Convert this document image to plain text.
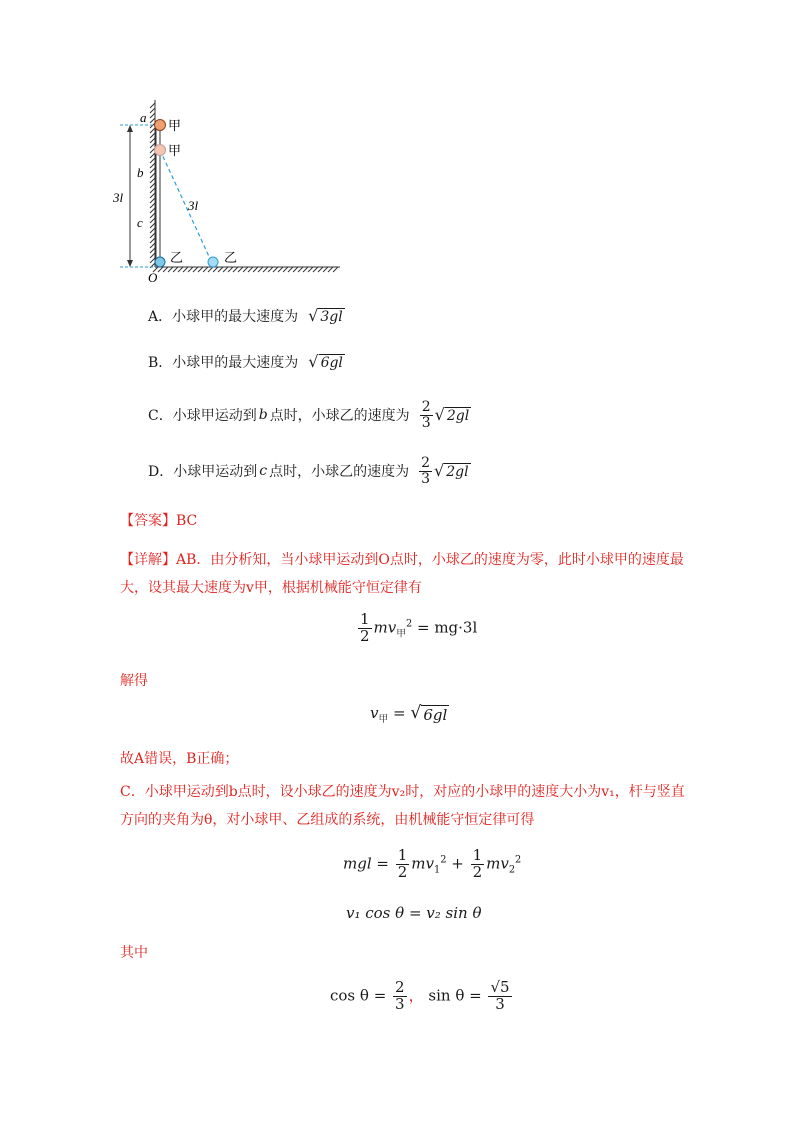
a
甲
甲
b
3l
c
3l
乙	乙
O
A．小球甲的最大速度为 √ 3gl
B．小球甲的最大速度为 √ 6gl
C．小球甲运动到 b 点时，小球乙的速度为 $\frac{2}{3}$ √ 2gl
D．小球甲运动到 c 点时，小球乙的速度为 $\frac{2}{3}$ √ 2gl
【答案】BC
【详解】AB．由分析知，当小球甲运动到O点时，小球乙的速度为零，此时小球甲的速度最大，设其最大速度为v甲，根据机械能守恒定律有
$\frac{1}{2} mv_甲^2 = mg\cdot 3l$
解得
$v_甲$ = √ 6gl
故A错误，B正确；
C．小球甲运动到b点时，设小球乙的速度为v₂时，对应的小球甲的速度大小为v₁，杆与竖直方向的夹角为θ，对小球甲、乙组成的系统，由机械能守恒定律可得
mgl = $\frac{1}{2} mv_1^2 + \frac{1}{2} mv_2^2$
v₁ cos θ = v₂ sin θ
其中
$\cos \theta = \frac{2}{3}$ ， $\sin \theta = \frac{√5}{3}$
